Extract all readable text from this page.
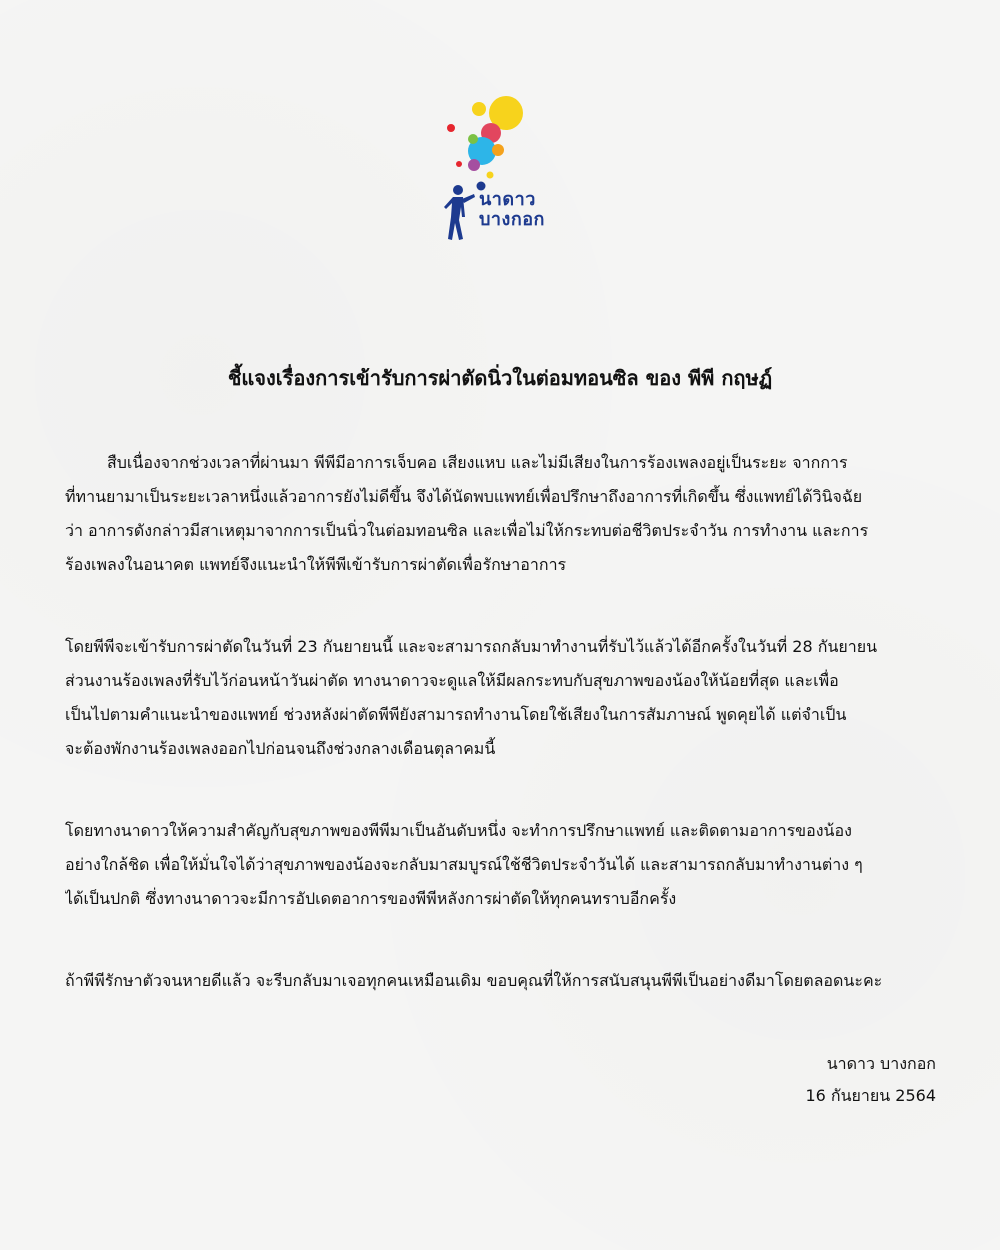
นาดาว
บางกอก
ชี้แจงเรื่องการเข้ารับการผ่าตัดนิ่วในต่อมทอนซิล ของ พีพี กฤษฏ์
สืบเนื่องจากช่วงเวลาที่ผ่านมา พีพีมีอาการเจ็บคอ เสียงแหบ และไม่มีเสียงในการร้องเพลงอยู่เป็นระยะ จากการ
ที่ทานยามาเป็นระยะเวลาหนึ่งแล้วอาการยังไม่ดีขึ้น จึงได้นัดพบแพทย์เพื่อปรึกษาถึงอาการที่เกิดขึ้น ซึ่งแพทย์ได้วินิจฉัย
ว่า อาการดังกล่าวมีสาเหตุมาจากการเป็นนิ่วในต่อมทอนซิล และเพื่อไม่ให้กระทบต่อชีวิตประจำวัน การทำงาน และการ
ร้องเพลงในอนาคต แพทย์จึงแนะนำให้พีพีเข้ารับการผ่าตัดเพื่อรักษาอาการ
โดยพีพีจะเข้ารับการผ่าตัดในวันที่ 23 กันยายนนี้ และจะสามารถกลับมาทำงานที่รับไว้แล้วได้อีกครั้งในวันที่ 28 กันยายน
ส่วนงานร้องเพลงที่รับไว้ก่อนหน้าวันผ่าตัด ทางนาดาวจะดูแลให้มีผลกระทบกับสุขภาพของน้องให้น้อยที่สุด และเพื่อ
เป็นไปตามคำแนะนำของแพทย์ ช่วงหลังผ่าตัดพีพียังสามารถทำงานโดยใช้เสียงในการสัมภาษณ์ พูดคุยได้ แต่จำเป็น
จะต้องพักงานร้องเพลงออกไปก่อนจนถึงช่วงกลางเดือนตุลาคมนี้
โดยทางนาดาวให้ความสำคัญกับสุขภาพของพีพีมาเป็นอันดับหนึ่ง จะทำการปรึกษาแพทย์ และติดตามอาการของน้อง
อย่างใกล้ชิด เพื่อให้มั่นใจได้ว่าสุขภาพของน้องจะกลับมาสมบูรณ์ใช้ชีวิตประจำวันได้ และสามารถกลับมาทำงานต่าง ๆ
ได้เป็นปกติ ซึ่งทางนาดาวจะมีการอัปเดตอาการของพีพีหลังการผ่าตัดให้ทุกคนทราบอีกครั้ง
ถ้าพีพีรักษาตัวจนหายดีแล้ว จะรีบกลับมาเจอทุกคนเหมือนเดิม ขอบคุณที่ให้การสนับสนุนพีพีเป็นอย่างดีมาโดยตลอดนะคะ
นาดาว บางกอก
16 กันยายน 2564
